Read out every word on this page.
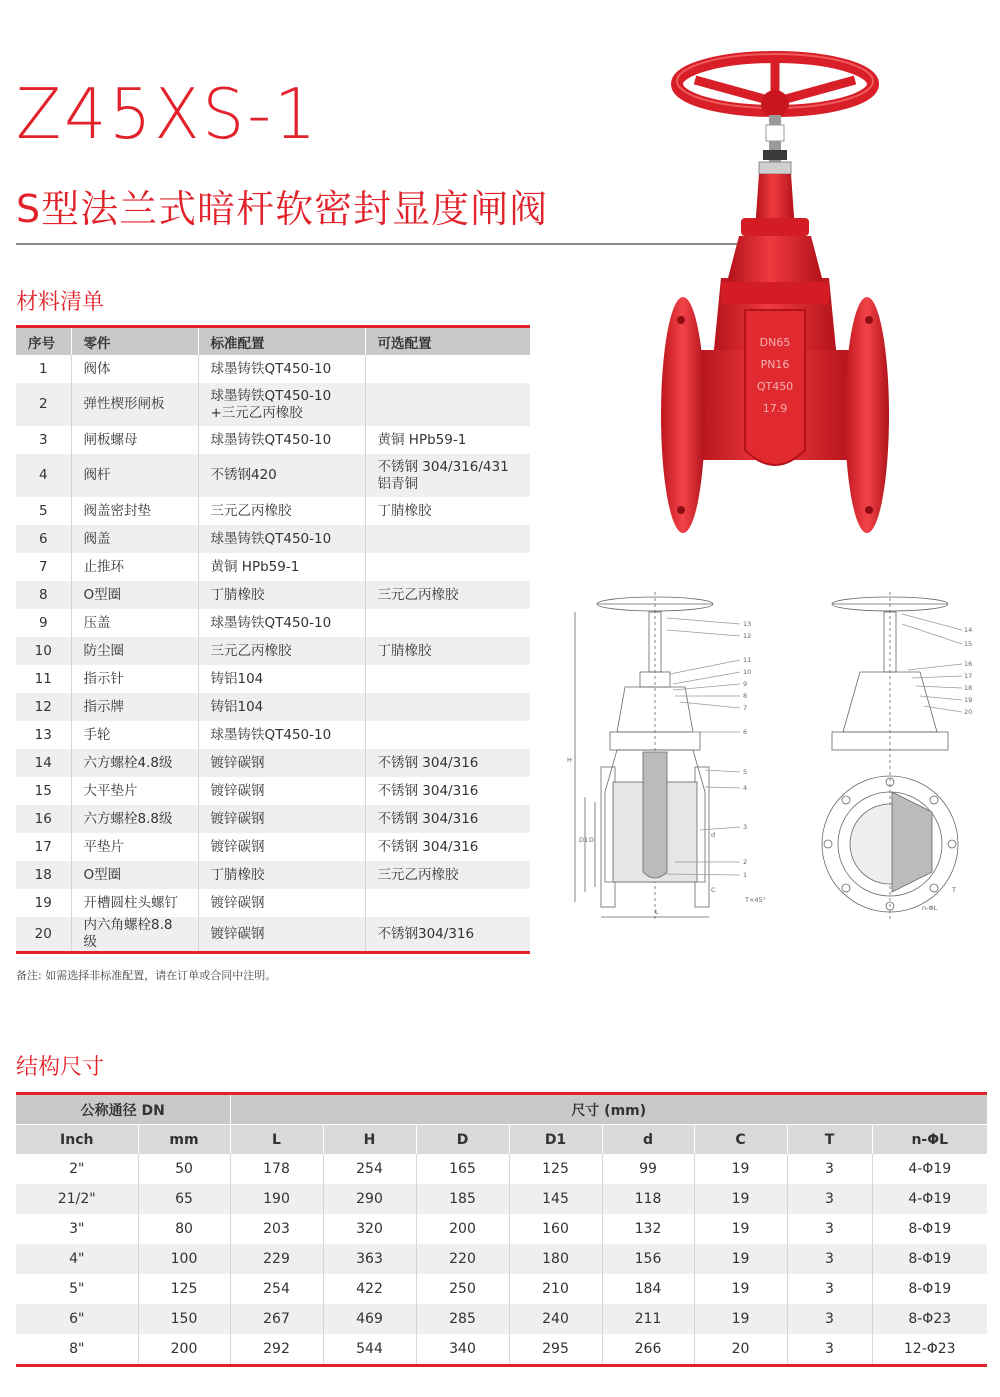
Z45XS-1
S型法兰式暗杆软密封显度闸阀
材料清单
序号	零件	标准配置	可选配置
1	阀体	球墨铸铁QT450-10	
2	弹性楔形闸板	球墨铸铁QT450-10
+三元乙丙橡胶	
3	闸板螺母	球墨铸铁QT450-10	黄铜 HPb59-1
4	阀杆	不锈钢420	不锈钢 304/316/431
铝青铜
5	阀盖密封垫	三元乙丙橡胶	丁腈橡胶
6	阀盖	球墨铸铁QT450-10	
7	止推环	黄铜 HPb59-1	
8	O型圈	丁腈橡胶	三元乙丙橡胶
9	压盖	球墨铸铁QT450-10	
10	防尘圈	三元乙丙橡胶	丁腈橡胶
11	指示针	铸铝104	
12	指示牌	铸铝104	
13	手轮	球墨铸铁QT450-10	
14	六方螺栓4.8级	镀锌碳钢	不锈钢 304/316
15	大平垫片	镀锌碳钢	不锈钢 304/316
16	六方螺栓8.8级	镀锌碳钢	不锈钢 304/316
17	平垫片	镀锌碳钢	不锈钢 304/316
18	O型圈	丁腈橡胶	三元乙丙橡胶
19	开槽圆柱头螺钉	镀锌碳钢	
20	内六角螺栓8.8级	镀锌碳钢	不锈钢304/316

备注: 如需选择非标准配置，请在订单或合同中注明。

DN65
PN16
QT450
17.9
13
12
11
10
9
8
7
6
5
4
3
2
1
H
D1 D
d
L
C
T×45°
14
15
16
17
18
19
20
n-ΦL
T
结构尺寸
公称通径 DN		尺寸 (mm)							
Inch	mm	L	H	D	D1	d	C	T	n-ΦL
2"	50	178	254	165	125	99	19	3	4-Φ19
21/2"	65	190	290	185	145	118	19	3	4-Φ19
3"	80	203	320	200	160	132	19	3	8-Φ19
4"	100	229	363	220	180	156	19	3	8-Φ19
5"	125	254	422	250	210	184	19	3	8-Φ19
6"	150	267	469	285	240	211	19	3	8-Φ23
8"	200	292	544	340	295	266	20	3	12-Φ23
